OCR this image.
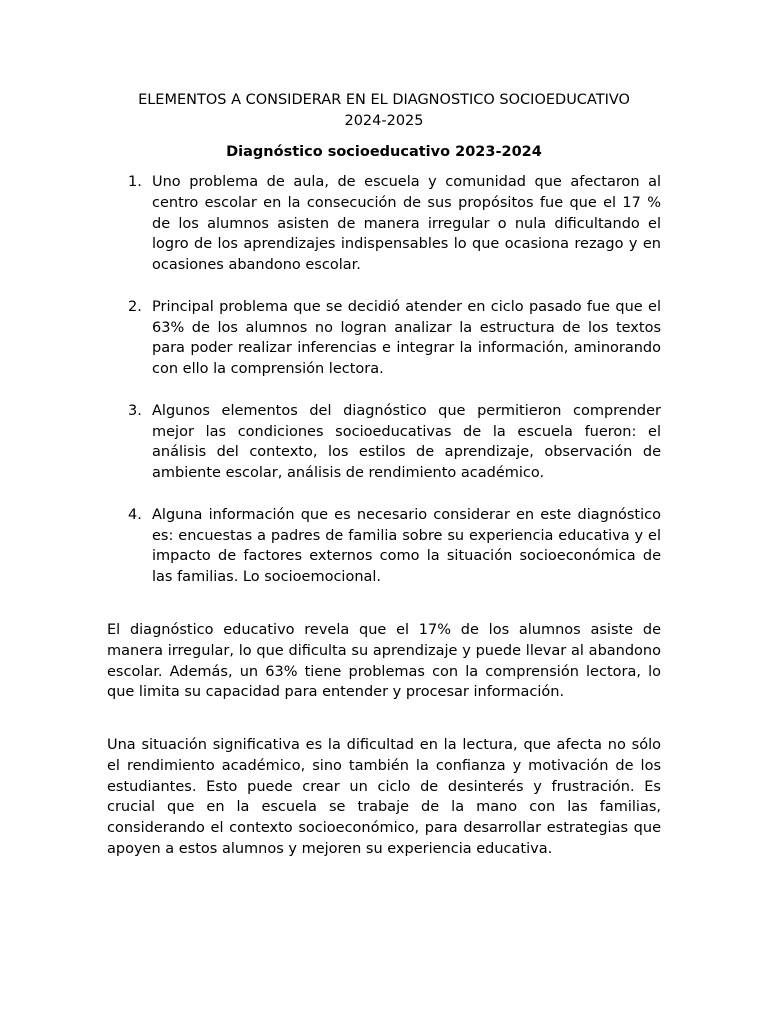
ELEMENTOS A CONSIDERAR EN EL DIAGNOSTICO SOCIOEDUCATIVO
2024-2025
Diagnóstico socioeducativo 2023-2024
1. Uno problema de aula, de escuela y comunidad que afectaron al centro escolar en la consecución de sus propósitos fue que el 17 % de los alumnos asisten de manera irregular o nula dificultando el logro de los aprendizajes indispensables lo que ocasiona rezago y en ocasiones abandono escolar.
2. Principal problema que se decidió atender en ciclo pasado fue que el 63% de los alumnos no logran analizar la estructura de los textos para poder realizar inferencias e integrar la información, aminorando con ello la comprensión lectora.
3. Algunos elementos del diagnóstico que permitieron comprender mejor las condiciones socioeducativas de la escuela fueron: el análisis del contexto, los estilos de aprendizaje, observación de ambiente escolar, análisis de rendimiento académico.
4. Alguna información que es necesario considerar en este diagnóstico es: encuestas a padres de familia sobre su experiencia educativa y el impacto de factores externos como la situación socioeconómica de las familias. Lo socioemocional.

El diagnóstico educativo revela que el 17% de los alumnos asiste de manera irregular, lo que dificulta su aprendizaje y puede llevar al abandono escolar. Además, un 63% tiene problemas con la comprensión lectora, lo que limita su capacidad para entender y procesar información.

Una situación significativa es la dificultad en la lectura, que afecta no sólo el rendimiento académico, sino también la confianza y motivación de los estudiantes. Esto puede crear un ciclo de desinterés y frustración. Es crucial que en la escuela se trabaje de la mano con las familias, considerando el contexto socioeconómico, para desarrollar estrategias que apoyen a estos alumnos y mejoren su experiencia educativa.
